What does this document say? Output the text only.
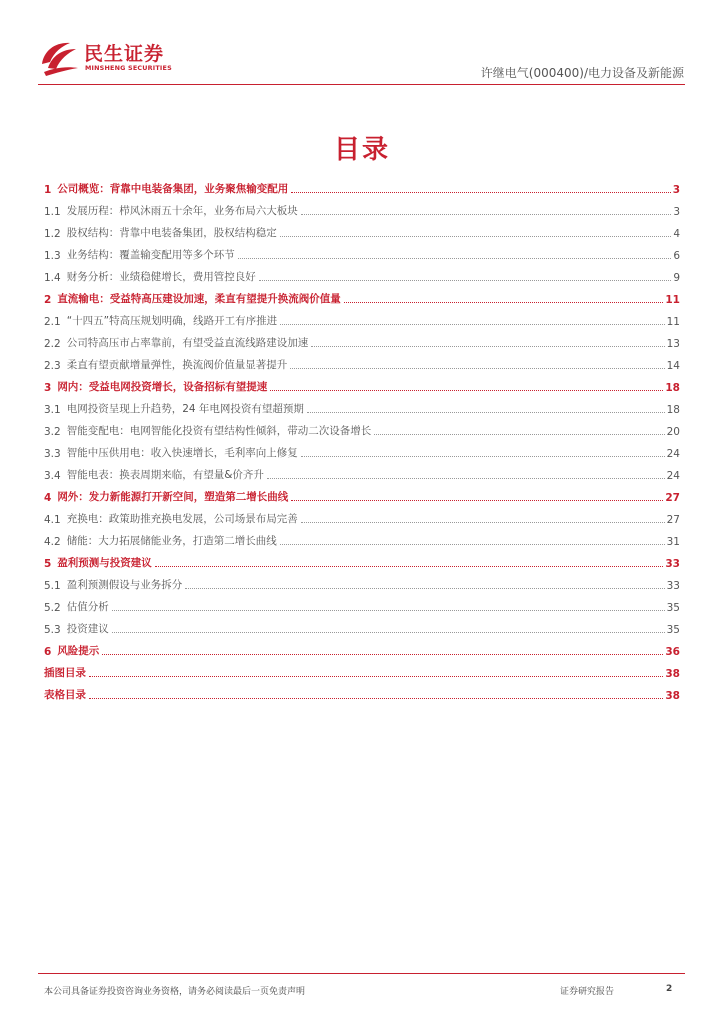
民生证券
MINSHENG SECURITIES	许继电气(000400)/电力设备及新能源
目录
1 公司概览：背靠中电装备集团，业务聚焦输变配用	3
1.1 发展历程：栉风沐雨五十余年，业务布局六大板块	3
1.2 股权结构：背靠中电装备集团，股权结构稳定	4
1.3 业务结构：覆盖输变配用等多个环节	6
1.4 财务分析：业绩稳健增长，费用管控良好	9
2 直流输电：受益特高压建设加速，柔直有望提升换流阀价值量	11
2.1 “十四五”特高压规划明确，线路开工有序推进	11
2.2 公司特高压市占率靠前，有望受益直流线路建设加速	13
2.3 柔直有望贡献增量弹性，换流阀价值量显著提升	14
3 网内：受益电网投资增长，设备招标有望提速	18
3.1 电网投资呈现上升趋势，24 年电网投资有望超预期	18
3.2 智能变配电：电网智能化投资有望结构性倾斜，带动二次设备增长	20
3.3 智能中压供用电：收入快速增长，毛利率向上修复	24
3.4 智能电表：换表周期来临，有望量&价齐升	24
4 网外：发力新能源打开新空间，塑造第二增长曲线	27
4.1 充换电：政策助推充换电发展，公司场景布局完善	27
4.2 储能：大力拓展储能业务，打造第二增长曲线	31
5 盈利预测与投资建议	33
5.1 盈利预测假设与业务拆分	33
5.2 估值分析	35
5.3 投资建议	35
6 风险提示	36
插图目录	38
表格目录	38
本公司具备证券投资咨询业务资格，请务必阅读最后一页免责声明	证券研究报告	2
